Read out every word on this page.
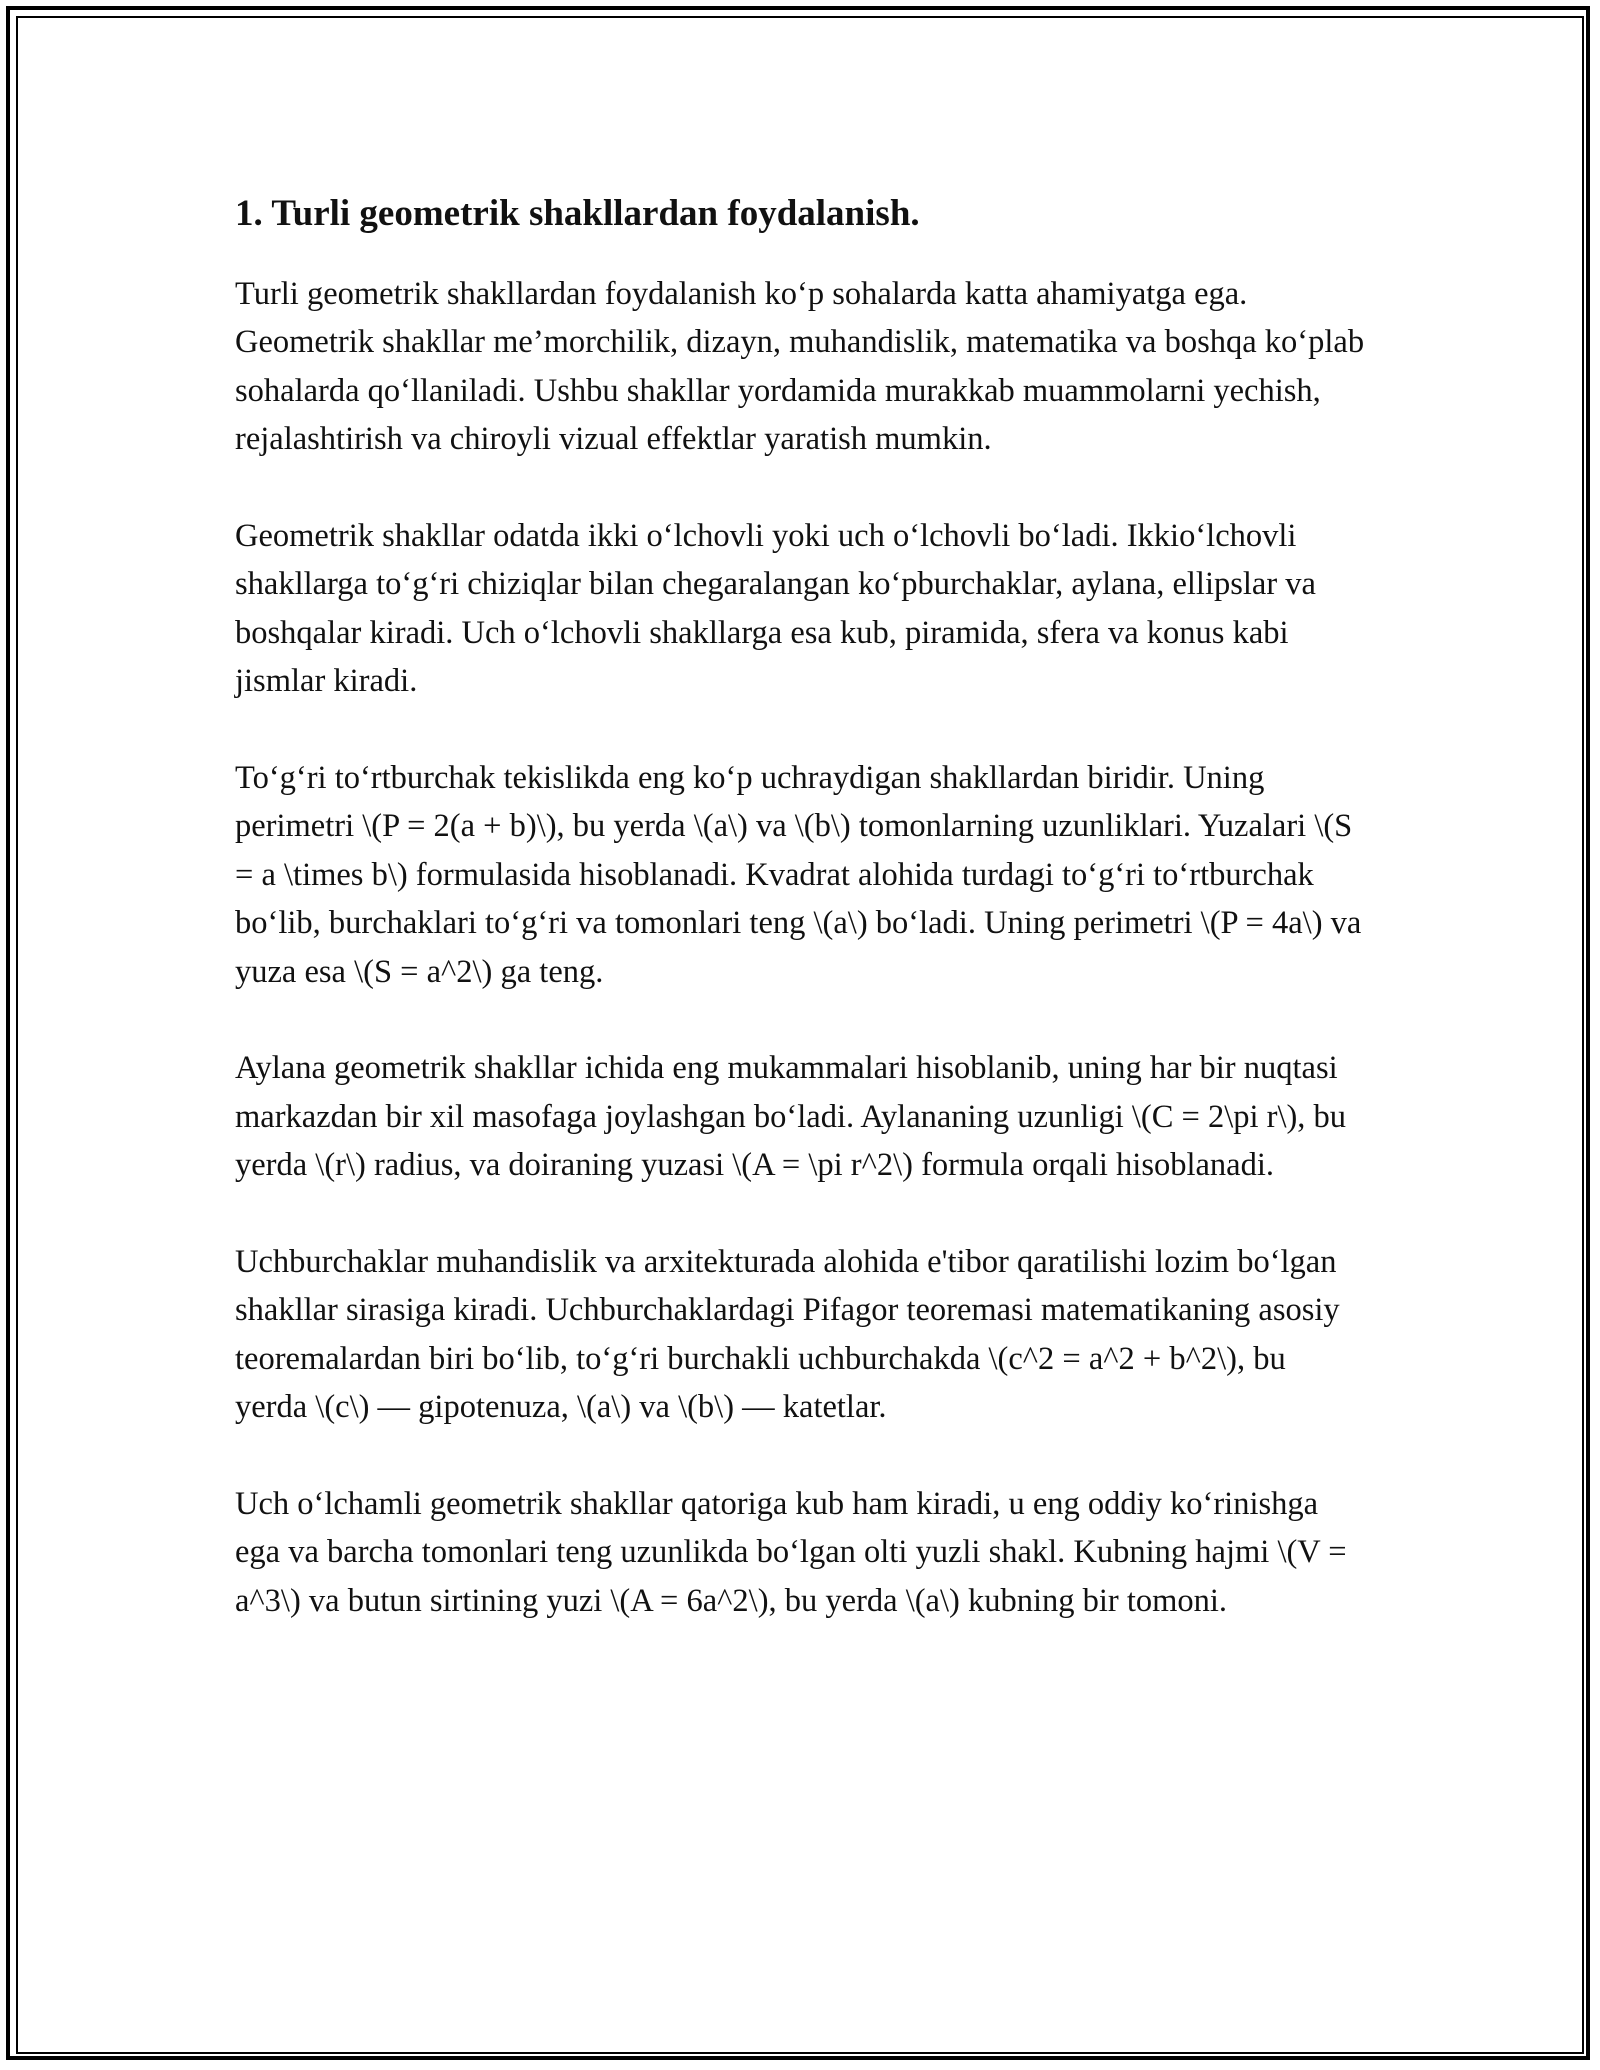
1. Turli geometrik shakllardan foydalanish.

Turli geometrik shakllardan foydalanish ko‘p sohalarda katta ahamiyatga ega. Geometrik shakllar me’morchilik, dizayn, muhandislik, matematika va boshqa ko‘plab sohalarda qo‘llaniladi. Ushbu shakllar yordamida murakkab muammolarni yechish, rejalashtirish va chiroyli vizual effektlar yaratish mumkin.

Geometrik shakllar odatda ikki o‘lchovli yoki uch o‘lchovli bo‘ladi. Ikkio‘lchovli shakllarga to‘g‘ri chiziqlar bilan chegaralangan ko‘pburchaklar, aylana, ellipslar va boshqalar kiradi. Uch o‘lchovli shakllarga esa kub, piramida, sfera va konus kabi jismlar kiradi.

To‘g‘ri to‘rtburchak tekislikda eng ko‘p uchraydigan shakllardan biridir. Uning perimetri \(P = 2(a + b)\), bu yerda \(a\) va \(b\) tomonlarning uzunliklari. Yuzalari \(S = a \times b\) formulasida hisoblanadi. Kvadrat alohida turdagi to‘g‘ri to‘rtburchak bo‘lib, burchaklari to‘g‘ri va tomonlari teng \(a\) bo‘ladi. Uning perimetri \(P = 4a\) va yuza esa \(S = a^2\) ga teng.

Aylana geometrik shakllar ichida eng mukammalari hisoblanib, uning har bir nuqtasi markazdan bir xil masofaga joylashgan bo‘ladi. Aylananing uzunligi \(C = 2\pi r\), bu yerda \(r\) radius, va doiraning yuzasi \(A = \pi r^2\) formula orqali hisoblanadi.

Uchburchaklar muhandislik va arxitekturada alohida e'tibor qaratilishi lozim bo‘lgan shakllar sirasiga kiradi. Uchburchaklardagi Pifagor teoremasi matematikaning asosiy teoremalardan biri bo‘lib, to‘g‘ri burchakli uchburchakda \(c^2 = a^2 + b^2\), bu yerda \(c\) — gipotenuza, \(a\) va \(b\) — katetlar.

Uch o‘lchamli geometrik shakllar qatoriga kub ham kiradi, u eng oddiy ko‘rinishga ega va barcha tomonlari teng uzunlikda bo‘lgan olti yuzli shakl. Kubning hajmi \(V = a^3\) va butun sirtining yuzi \(A = 6a^2\), bu yerda \(a\) kubning bir tomoni.
